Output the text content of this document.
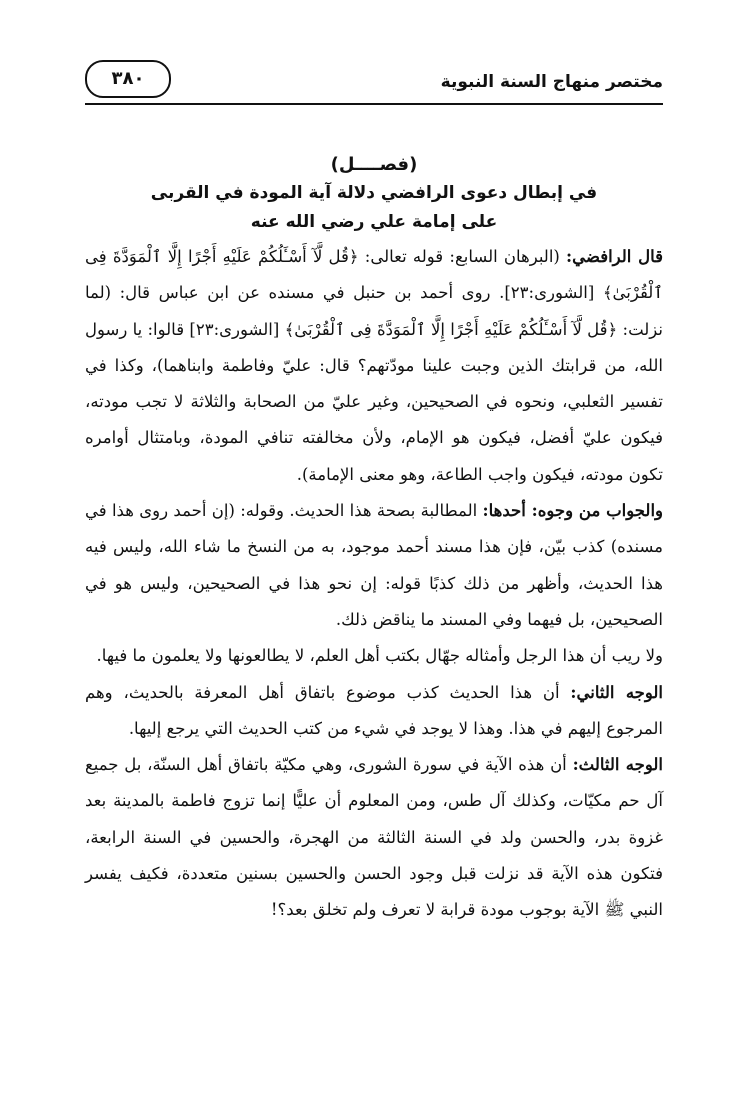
مختصر منهاج السنة النبوية
٣٨٠
(فصــــل)
في إبطال دعوى الرافضي دلالة آية المودة في القربى
على إمامة علي رضي الله عنه

قال الرافضي: (البرهان السابع: قوله تعالى: ﴿قُل لَّآ أَسْـَٔلُكُمْ عَلَيْهِ أَجْرًا إِلَّا ٱلْمَوَدَّةَ فِى ٱلْقُرْبَىٰ﴾ [الشورى:٢٣]. روى أحمد بن حنبل في مسنده عن ابن عباس قال: (لما نزلت: ﴿قُل لَّآ أَسْـَٔلُكُمْ عَلَيْهِ أَجْرًا إِلَّا ٱلْمَوَدَّةَ فِى ٱلْقُرْبَىٰ﴾ [الشورى:٢٣] قالوا: يا رسول الله، من قرابتك الذين وجبت علينا مودّتهم؟ قال: عليّ وفاطمة وابناهما)، وكذا في تفسير الثعلبي، ونحوه في الصحيحين، وغير عليّ من الصحابة والثلاثة لا تجب مودته، فيكون عليّ أفضل، فيكون هو الإمام، ولأن مخالفته تنافي المودة، وبامتثال أوامره تكون مودته، فيكون واجب الطاعة، وهو معنى الإمامة).

والجواب من وجوه: أحدها: المطالبة بصحة هذا الحديث. وقوله: (إن أحمد روى هذا في مسنده) كذب بيّن، فإن هذا مسند أحمد موجود، به من النسخ ما شاء الله، وليس فيه هذا الحديث، وأظهر من ذلك كذبًا قوله: إن نحو هذا في الصحيحين، وليس هو في الصحيحين، بل فيهما وفي المسند ما يناقض ذلك.

ولا ريب أن هذا الرجل وأمثاله جهّال بكتب أهل العلم، لا يطالعونها ولا يعلمون ما فيها.

الوجه الثاني: أن هذا الحديث كذب موضوع باتفاق أهل المعرفة بالحديث، وهم المرجوع إليهم في هذا. وهذا لا يوجد في شيء من كتب الحديث التي يرجع إليها.

الوجه الثالث: أن هذه الآية في سورة الشورى، وهي مكيّة باتفاق أهل السنّة، بل جميع آل حم مكيّات، وكذلك آل طس، ومن المعلوم أن عليًّا إنما تزوج فاطمة بالمدينة بعد غزوة بدر، والحسن ولد في السنة الثالثة من الهجرة، والحسين في السنة الرابعة، فتكون هذه الآية قد نزلت قبل وجود الحسن والحسين بسنين متعددة، فكيف يفسر النبي ﷺ الآية بوجوب مودة قرابة لا تعرف ولم تخلق بعد؟!
